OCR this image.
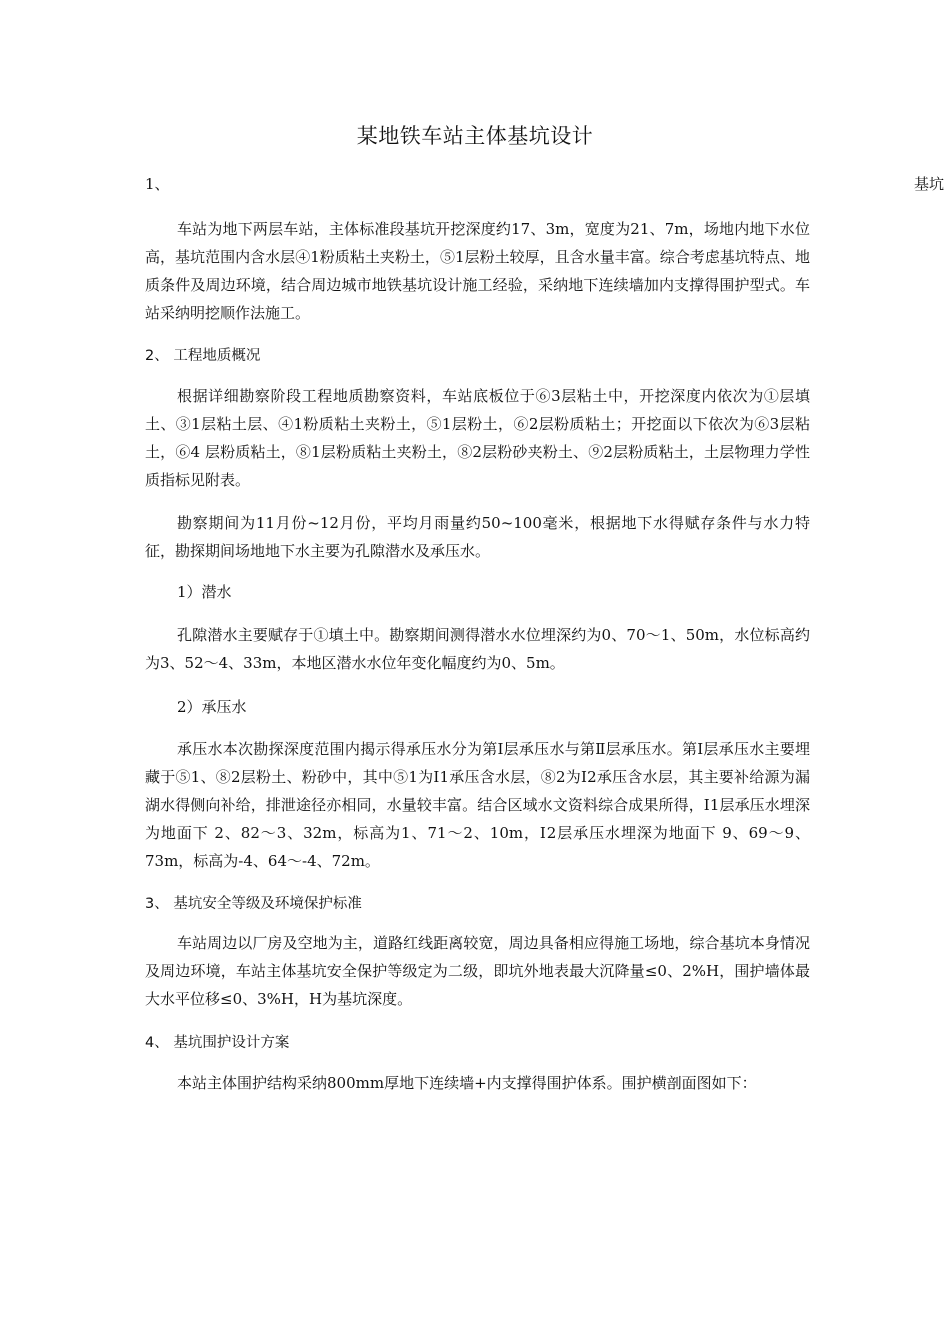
某地铁车站主体基坑设计
1、	基坑
车站为地下两层车站，主体标准段基坑开挖深度约17、3m，宽度为21、7m，场地内地下水位高，基坑范围内含水层④1粉质粘土夹粉土，⑤1层粉土较厚，且含水量丰富。综合考虑基坑特点、地质条件及周边环境，结合周边城市地铁基坑设计施工经验，采纳地下连续墙加内支撑得围护型式。车站采纳明挖顺作法施工。
2、 工程地质概况
根据详细勘察阶段工程地质勘察资料，车站底板位于⑥3层粘土中，开挖深度内依次为①层填土、③1层粘土层、④1粉质粘土夹粉土，⑤1层粉土，⑥2层粉质粘土；开挖面以下依次为⑥3层粘土，⑥4 层粉质粘土，⑧1层粉质粘土夹粉土，⑧2层粉砂夹粉土、⑨2层粉质粘土，土层物理力学性质指标见附表。
勘察期间为11月份~12月份，平均月雨量约50~100毫米，根据地下水得赋存条件与水力特征，勘探期间场地地下水主要为孔隙潜水及承压水。
1）潜水
孔隙潜水主要赋存于①填土中。勘察期间测得潜水水位埋深约为0、70～1、50m，水位标高约为3、52～4、33m，本地区潜水水位年变化幅度约为0、5m。
2）承压水
承压水本次勘探深度范围内揭示得承压水分为第Ⅰ层承压水与第Ⅱ层承压水。第Ⅰ层承压水主要埋藏于⑤1、⑧2层粉土、粉砂中，其中⑤1为Ⅰ1承压含水层，⑧2为Ⅰ2承压含水层，其主要补给源为漏湖水得侧向补给，排泄途径亦相同，水量较丰富。结合区域水文资料综合成果所得，Ⅰ1层承压水埋深为地面下 2、82～3、32m，标高为1、71～2、10m，Ⅰ2层承压水埋深为地面下 9、69～9、73m，标高为-4、64～-4、72m。
3、 基坑安全等级及环境保护标准
车站周边以厂房及空地为主，道路红线距离较宽，周边具备相应得施工场地，综合基坑本身情况及周边环境，车站主体基坑安全保护等级定为二级，即坑外地表最大沉降量≤0、2%H，围护墙体最大水平位移≤0、3%H，H为基坑深度。
4、 基坑围护设计方案
本站主体围护结构采纳800mm厚地下连续墙+内支撑得围护体系。围护横剖面图如下：
